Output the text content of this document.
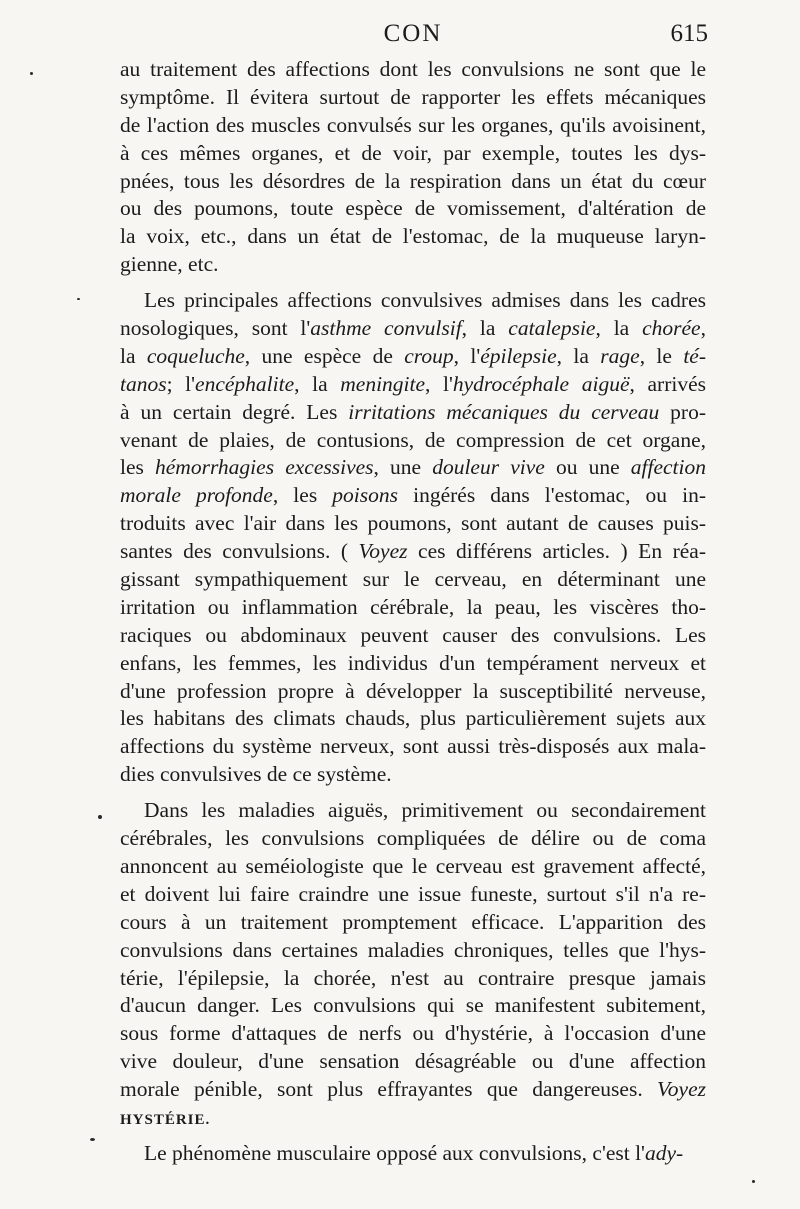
CON	615
au traitement des affections dont les convulsions ne sont que le
symptôme. Il évitera surtout de rapporter les effets mécaniques
de l'action des muscles convulsés sur les organes, qu'ils avoisinent,
à ces mêmes organes, et de voir, par exemple, toutes les dys-
pnées, tous les désordres de la respiration dans un état du cœur
ou des poumons, toute espèce de vomissement, d'altération de
la voix, etc., dans un état de l'estomac, de la muqueuse laryn-
gienne, etc.
Les principales affections convulsives admises dans les cadres
nosologiques, sont l'asthme convulsif, la catalepsie, la chorée,
la coqueluche, une espèce de croup, l'épilepsie, la rage, le té-
tanos; l'encéphalite, la meningite, l'hydrocéphale aiguë, arrivés
à un certain degré. Les irritations mécaniques du cerveau pro-
venant de plaies, de contusions, de compression de cet organe,
les hémorrhagies excessives, une douleur vive ou une affection
morale profonde, les poisons ingérés dans l'estomac, ou in-
troduits avec l'air dans les poumons, sont autant de causes puis-
santes des convulsions. ( Voyez ces différens articles. ) En réa-
gissant sympathiquement sur le cerveau, en déterminant une
irritation ou inflammation cérébrale, la peau, les viscères tho-
raciques ou abdominaux peuvent causer des convulsions. Les
enfans, les femmes, les individus d'un tempérament nerveux et
d'une profession propre à développer la susceptibilité nerveuse,
les habitans des climats chauds, plus particulièrement sujets aux
affections du système nerveux, sont aussi très-disposés aux mala-
dies convulsives de ce système.
Dans les maladies aiguës, primitivement ou secondairement
cérébrales, les convulsions compliquées de délire ou de coma
annoncent au seméiologiste que le cerveau est gravement affecté,
et doivent lui faire craindre une issue funeste, surtout s'il n'a re-
cours à un traitement promptement efficace. L'apparition des
convulsions dans certaines maladies chroniques, telles que l'hys-
térie, l'épilepsie, la chorée, n'est au contraire presque jamais
d'aucun danger. Les convulsions qui se manifestent subitement,
sous forme d'attaques de nerfs ou d'hystérie, à l'occasion d'une
vive douleur, d'une sensation désagréable ou d'une affection
morale pénible, sont plus effrayantes que dangereuses. Voyez
HYSTÉRIE.
Le phénomène musculaire opposé aux convulsions, c'est l'ady-
